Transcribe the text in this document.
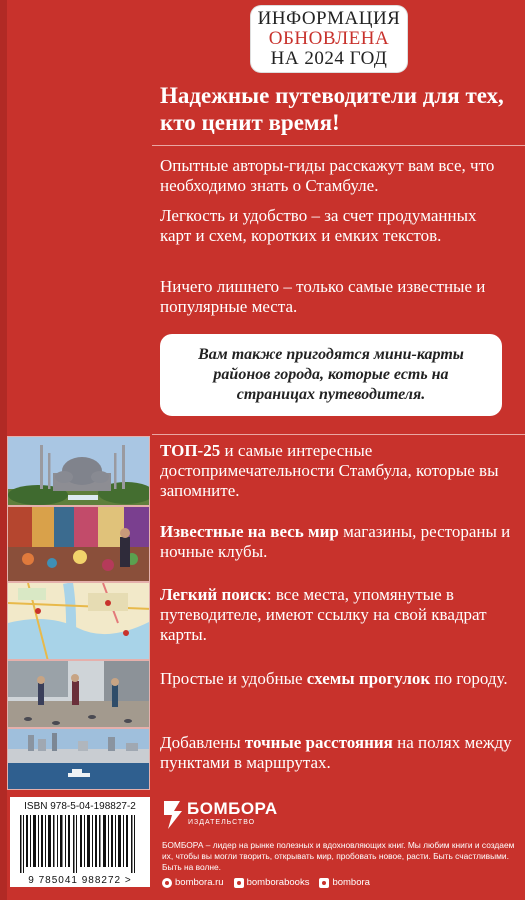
ИНФОРМАЦИЯ
ОБНОВЛЕНА
НА 2024 ГОД
Надежные путеводители для тех, кто ценит время!
Опытные авторы-гиды расскажут вам все, что необходимо знать о Стамбуле.
Легкость и удобство – за счет продуманных карт и схем, коротких и емких текстов.
Ничего лишнего – только самые известные и популярные места.
Вам также пригодятся мини-карты районов города, которые есть на страницах путеводителя.
ТОП-25 и самые интересные достопримечательности Стамбула, которые вы запомните.
Известные на весь мир магазины, рестораны и ночные клубы.
Легкий поиск: все места, упомянутые в путеводителе, имеют ссылку на свой квадрат карты.
Простые и удобные схемы прогулок по городу.
Добавлены точные расстояния на полях между пунктами в маршрутах.
ISBN 978-5-04-198827-2
9 785041 988272 >
БОМБОРА
ИЗДАТЕЛЬСТВО
БОМБОРА – лидер на рынке полезных и вдохновляющих книг. Мы любим книги и создаем их, чтобы вы могли творить, открывать мир, пробовать новое, расти. Быть счастливыми. Быть на волне.
bombora.ru bomborabooks bombora
